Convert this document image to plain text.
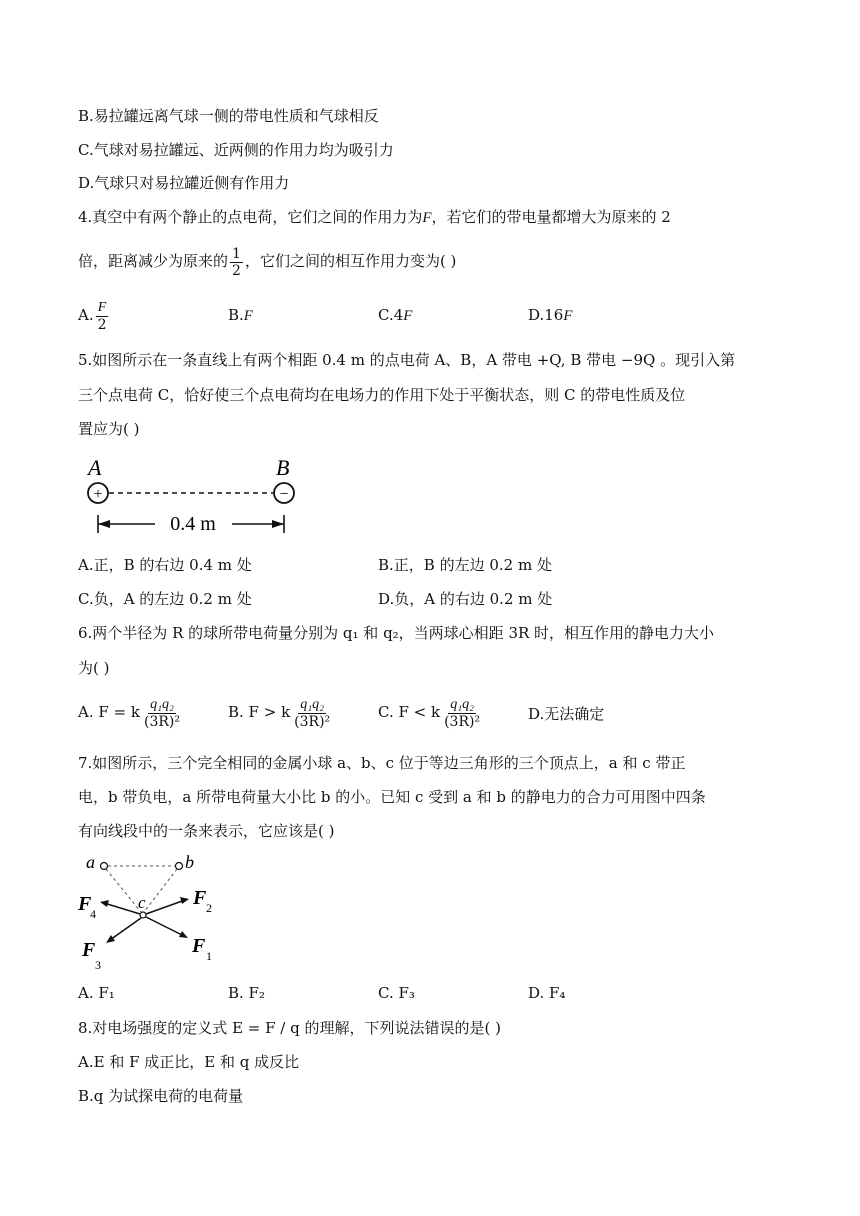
B.易拉罐远离气球一侧的带电性质和气球相反
C.气球对易拉罐远、近两侧的作用力均为吸引力
D.气球只对易拉罐近侧有作用力
4.真空中有两个静止的点电荷，它们之间的作用力为F，若它们的带电量都增大为原来的 2
倍，距离减少为原来的 $\frac{1}{2}$ ，它们之间的相互作用力变为( )
A. $\frac{F}{2}$	B.F	C.4F	D.16F
5.如图所示在一条直线上有两个相距 0.4 m 的点电荷 A、B，A 带电 +Q, B 带电 −9Q 。现引入第
三个点电荷 C，恰好使三个点电荷均在电场力的作用下处于平衡状态，则 C 的带电性质及位
置应为( )
A	B
+	−
0.4 m
A.正，B 的右边 0.4 m 处	B.正，B 的左边 0.2 m 处
C.负，A 的左边 0.2 m 处	D.负，A 的右边 0.2 m 处
6.两个半径为 R 的球所带电荷量分别为 q₁ 和 q₂，当两球心相距 3R 时，相互作用的静电力大小
为( )
A. F = k $\frac{\text{q₁q₂}}{\text{(3R)²}}$	B. F > k $\frac{\text{q₁q₂}}{\text{(3R)²}}$	C. F < k $\frac{\text{q₁q₂}}{\text{(3R)²}}$	D.无法确定
7.如图所示，三个完全相同的金属小球 a、b、c 位于等边三角形的三个顶点上，a 和 c 带正
电，b 带负电，a 所带电荷量大小比 b 的小。已知 c 受到 a 和 b 的静电力的合力可用图中四条
有向线段中的一条来表示，它应该是( )
a	b
c
F
4
F 2
F 1
F
3
A. F₁	B. F₂	C. F₃	D. F₄
8.对电场强度的定义式 E = F / q 的理解，下列说法错误的是( )
A.E 和 F 成正比，E 和 q 成反比
B.q 为试探电荷的电荷量
